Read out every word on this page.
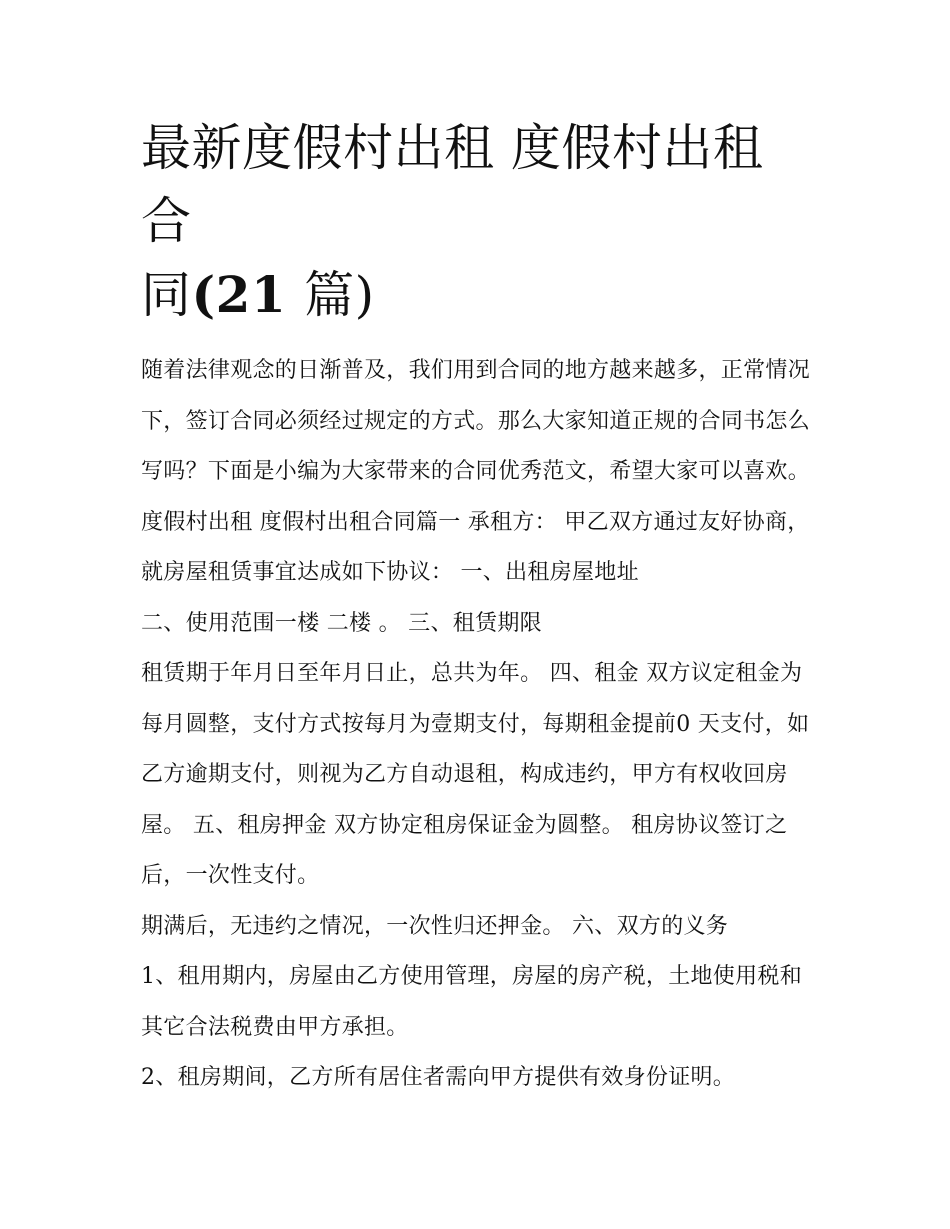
最新度假村出租 度假村出租合
同(21 篇)

随着法律观念的日渐普及，我们用到合同的地方越来越多，正常情况下，签订合同必须经过规定的方式。那么大家知道正规的合同书怎么写吗？下面是小编为大家带来的合同优秀范文，希望大家可以喜欢。

度假村出租 度假村出租合同篇一 承租方： 甲乙双方通过友好协商，就房屋租赁事宜达成如下协议： 一、出租房屋地址

二、使用范围一楼 二楼 。 三、租赁期限

租赁期于年月日至年月日止，总共为年。 四、租金 双方议定租金为每月圆整，支付方式按每月为壹期支付，每期租金提前0 天支付，如乙方逾期支付，则视为乙方自动退租，构成违约，甲方有权收回房屋。 五、租房押金 双方协定租房保证金为圆整。 租房协议签订之后，一次性支付。

期满后，无违约之情况，一次性归还押金。 六、双方的义务

1、租用期内，房屋由乙方使用管理，房屋的房产税，土地使用税和其它合法税费由甲方承担。

2、租房期间，乙方所有居住者需向甲方提供有效身份证明。
